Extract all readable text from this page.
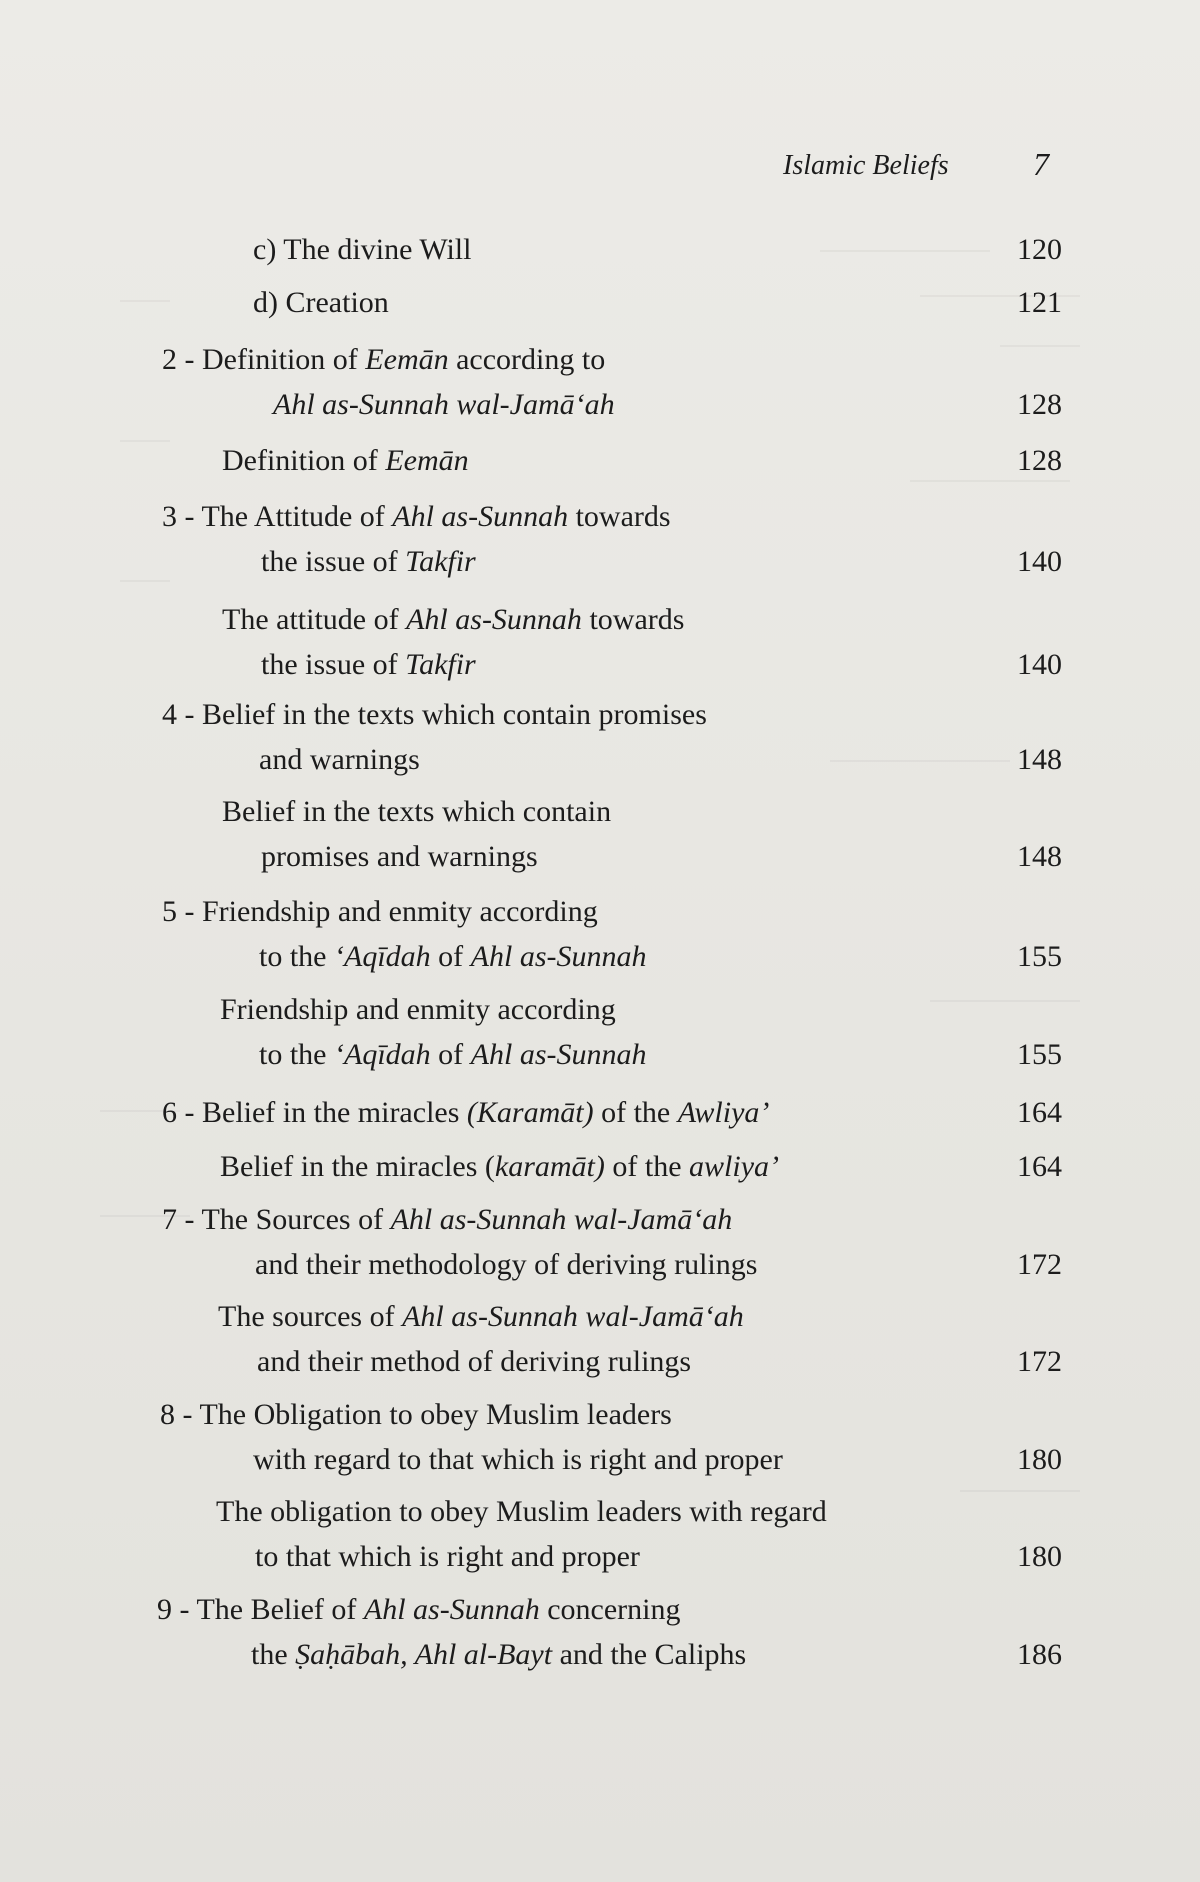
Islamic Beliefs	7
c) The divine Will	120
d) Creation	121
2 - Definition of Eemān according to
Ahl as-Sunnah wal-Jamā‘ah	128
Definition of Eemān	128
3 - The Attitude of Ahl as-Sunnah towards
the issue of Takfir	140
The attitude of Ahl as-Sunnah towards
the issue of Takfir	140
4 - Belief in the texts which contain promises
and warnings	148
Belief in the texts which contain
promises and warnings	148
5 - Friendship and enmity according
to the ‘Aqīdah of Ahl as-Sunnah	155
Friendship and enmity according
to the ‘Aqīdah of Ahl as-Sunnah	155
6 - Belief in the miracles (Karamāt) of the Awliya’	164
Belief in the miracles (karamāt) of the awliya’	164
7 - The Sources of Ahl as-Sunnah wal-Jamā‘ah
and their methodology of deriving rulings	172
The sources of Ahl as-Sunnah wal-Jamā‘ah
and their method of deriving rulings	172
8 - The Obligation to obey Muslim leaders
with regard to that which is right and proper	180
The obligation to obey Muslim leaders with regard
to that which is right and proper	180
9 - The Belief of Ahl as-Sunnah concerning
the Ṣaḥābah, Ahl al-Bayt and the Caliphs	186
